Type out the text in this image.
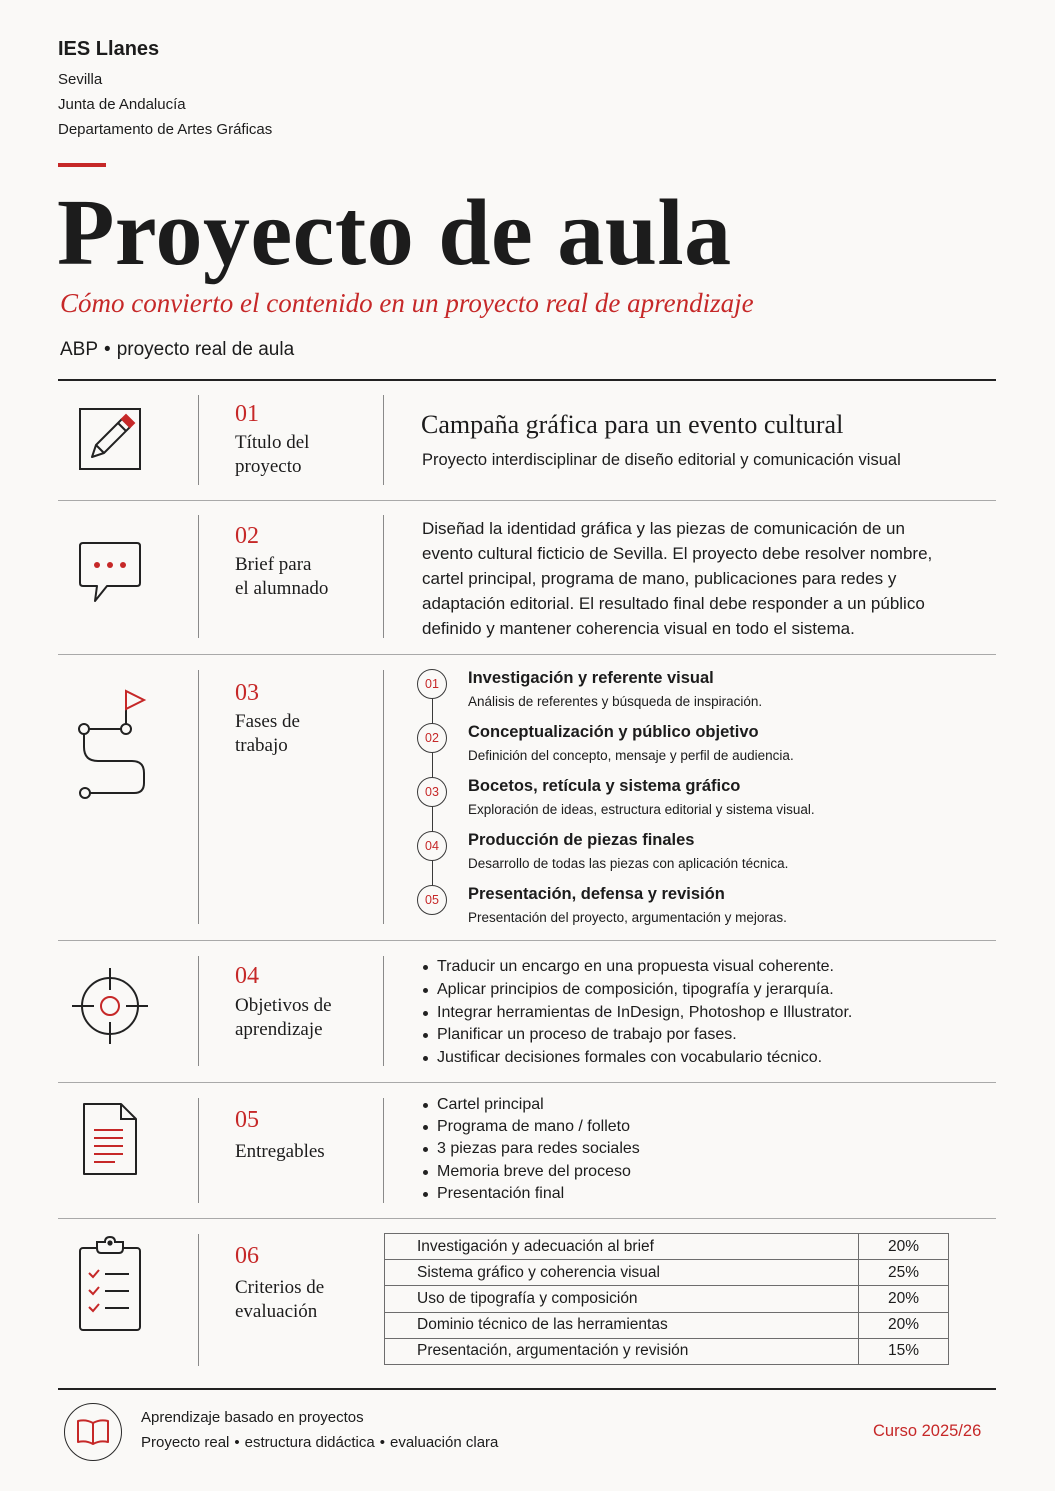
IES Llanes
Sevilla
Junta de Andalucía
Departamento de Artes Gráficas
Proyecto de aula
Cómo convierto el contenido en un proyecto real de aprendizaje
ABP • proyecto real de aula
01
Título del
proyecto
Campaña gráfica para un evento cultural
Proyecto interdisciplinar de diseño editorial y comunicación visual
02
Brief para
el alumnado
Diseñad la identidad gráfica y las piezas de comunicación de un
evento cultural ficticio de Sevilla. El proyecto debe resolver nombre,
cartel principal, programa de mano, publicaciones para redes y
adaptación editorial. El resultado final debe responder a un público
definido y mantener coherencia visual en todo el sistema.
03
Fases de
trabajo
01	Investigación y referente visual
Análisis de referentes y búsqueda de inspiración.
02	Conceptualización y público objetivo
Definición del concepto, mensaje y perfil de audiencia.
03	Bocetos, retícula y sistema gráfico
Exploración de ideas, estructura editorial y sistema visual.
04	Producción de piezas finales
Desarrollo de todas las piezas con aplicación técnica.
05	Presentación, defensa y revisión
Presentación del proyecto, argumentación y mejoras.
04
Objetivos de
aprendizaje
Traducir un encargo en una propuesta visual coherente.
Aplicar principios de composición, tipografía y jerarquía.
Integrar herramientas de InDesign, Photoshop e Illustrator.
Planificar un proceso de trabajo por fases.
Justificar decisiones formales con vocabulario técnico.
05
Entregables
Cartel principal
Programa de mano / folleto
3 piezas para redes sociales
Memoria breve del proceso
Presentación final
06
Criterios de
evaluación
Investigación y adecuación al brief	20%
Sistema gráfico y coherencia visual	25%
Uso de tipografía y composición	20%
Dominio técnico de las herramientas	20%
Presentación, argumentación y revisión	15%
Aprendizaje basado en proyectos
Proyecto real • estructura didáctica • evaluación clara
Curso 2025/26
